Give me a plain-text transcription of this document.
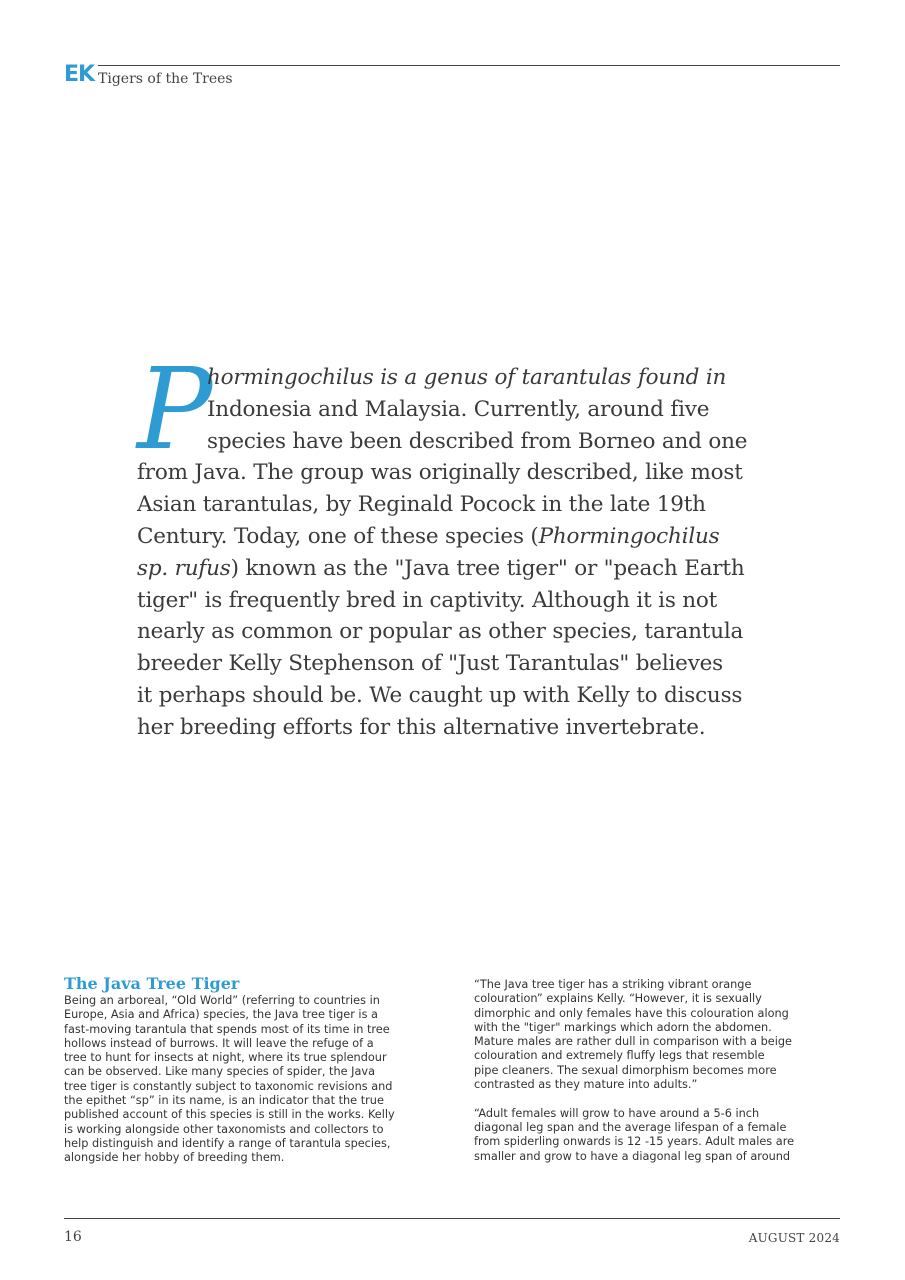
EK Tigers of the Trees
P
hormingochilus is a genus of tarantulas found in
Indonesia and Malaysia. Currently, around five
species have been described from Borneo and one
from Java. The group was originally described, like most
Asian tarantulas, by Reginald Pocock in the late 19th
Century. Today, one of these species (Phormingochilus
sp. rufus) known as the "Java tree tiger" or "peach Earth
tiger" is frequently bred in captivity. Although it is not
nearly as common or popular as other species, tarantula
breeder Kelly Stephenson of "Just Tarantulas" believes
it perhaps should be. We caught up with Kelly to discuss
her breeding efforts for this alternative invertebrate.
The Java Tree Tiger
Being an arboreal, “Old World” (referring to countries in
Europe, Asia and Africa) species, the Java tree tiger is a
fast-moving tarantula that spends most of its time in tree
hollows instead of burrows. It will leave the refuge of a
tree to hunt for insects at night, where its true splendour
can be observed. Like many species of spider, the Java
tree tiger is constantly subject to taxonomic revisions and
the epithet “sp” in its name, is an indicator that the true
published account of this species is still in the works. Kelly
is working alongside other taxonomists and collectors to
help distinguish and identify a range of tarantula species,
alongside her hobby of breeding them.
“The Java tree tiger has a striking vibrant orange
colouration” explains Kelly. “However, it is sexually
dimorphic and only females have this colouration along
with the "tiger" markings which adorn the abdomen.
Mature males are rather dull in comparison with a beige
colouration and extremely fluffy legs that resemble
pipe cleaners. The sexual dimorphism becomes more
contrasted as they mature into adults.”
“Adult females will grow to have around a 5-6 inch
diagonal leg span and the average lifespan of a female
from spiderling onwards is 12 -15 years. Adult males are
smaller and grow to have a diagonal leg span of around
16	AUGUST 2024
